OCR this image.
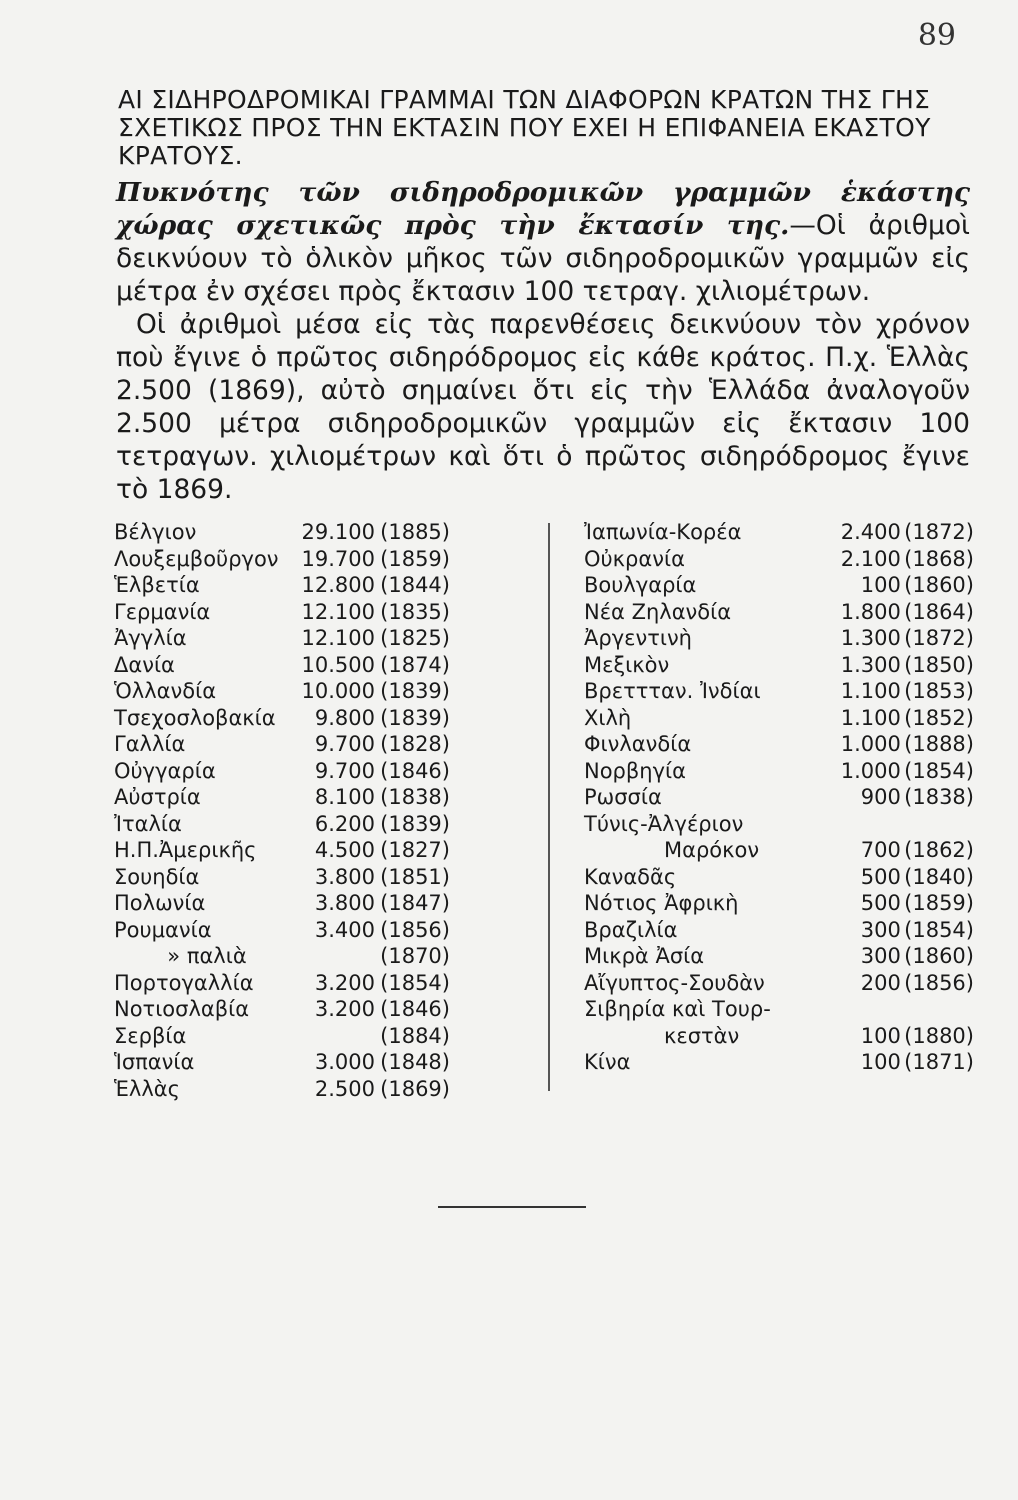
89
ΑΙ ΣΙΔΗΡΟΔΡΟΜΙΚΑΙ ΓΡΑΜΜΑΙ ΤΩΝ ΔΙΑΦΟΡΩΝ ΚΡΑΤΩΝ ΤΗΣ ΓΗΣ ΣΧΕΤΙΚΩΣ ΠΡΟΣ ΤΗΝ ΕΚΤΑΣΙΝ ΠΟΥ ΕΧΕΙ Η ΕΠΙΦΑΝΕΙΑ ΕΚΑΣΤΟΥ ΚΡΑΤΟΥΣ.

Πυκνότης τῶν σιδηροδρομικῶν γραμμῶν ἑκάστης χώρας σχετικῶς πρὸς τὴν ἔκτασίν της.—Οἱ ἀριθμοὶ δεικνύουν τὸ ὁλικὸν μῆκος τῶν σιδηροδρομικῶν γραμμῶν εἰς μέτρα ἐν σχέσει πρὸς ἔκτασιν 100 τετραγ. χιλιομέτρων.

Οἱ ἀριθμοὶ μέσα εἰς τὰς παρενθέσεις δεικνύουν τὸν χρόνον ποὺ ἔγινε ὁ πρῶτος σιδηρόδρομος εἰς κάθε κράτος. Π.χ. Ἑλλὰς 2.500 (1869), αὐτὸ σημαίνει ὅτι εἰς τὴν Ἑλλάδα ἀναλογοῦν 2.500 μέτρα σιδηροδρομικῶν γραμμῶν εἰς ἔκτασιν 100 τετραγων. χιλιομέτρων καὶ ὅτι ὁ πρῶτος σιδηρόδρομος ἔγινε τὸ 1869.

Βέλγιον	29.100	(1885)
Λουξεμβοῦργον	19.700	(1859)
Ἑλβετία	12.800	(1844)
Γερμανία	12.100	(1835)
Ἀγγλία	12.100	(1825)
Δανία	10.500	(1874)
Ὁλλανδία	10.000	(1839)
Τσεχοσλοβακία	9.800	(1839)
Γαλλία	9.700	(1828)
Οὐγγαρία	9.700	(1846)
Αὐστρία	8.100	(1838)
Ἰταλία	6.200	(1839)
Η.Π.Ἀμερικῆς	4.500	(1827)
Σουηδία	3.800	(1851)
Πολωνία	3.800	(1847)
Ρουμανία	3.400	(1856)
» παλιὰ		(1870)
Πορτογαλλία	3.200	(1854)
Νοτιοσλαβία	3.200	(1846)
Σερβία		(1884)
Ἱσπανία	3.000	(1848)
Ἑλλὰς	2.500	(1869)
Ἰαπωνία-Κορέα	2.400	(1872)
Οὐκρανία	2.100	(1868)
Βουλγαρία	100	(1860)
Νέα Ζηλανδία	1.800	(1864)
Ἀργεντινὴ	1.300	(1872)
Μεξικὸν	1.300	(1850)
Βρεττταν. Ἰνδίαι	1.100	(1853)
Χιλὴ	1.100	(1852)
Φινλανδία	1.000	(1888)
Νορβηγία	1.000	(1854)
Ρωσσία	900	(1838)
Τύνις-Ἀλγέριον		
Μαρόκον	700	(1862)
Καναδᾶς	500	(1840)
Νότιος Ἀφρικὴ	500	(1859)
Βραζιλία	300	(1854)
Μικρὰ Ἀσία	300	(1860)
Αἴγυπτος-Σουδὰν	200	(1856)
Σιβηρία καὶ Τουρ-		
κεστὰν	100	(1880)
Κίνα	100	(1871)
